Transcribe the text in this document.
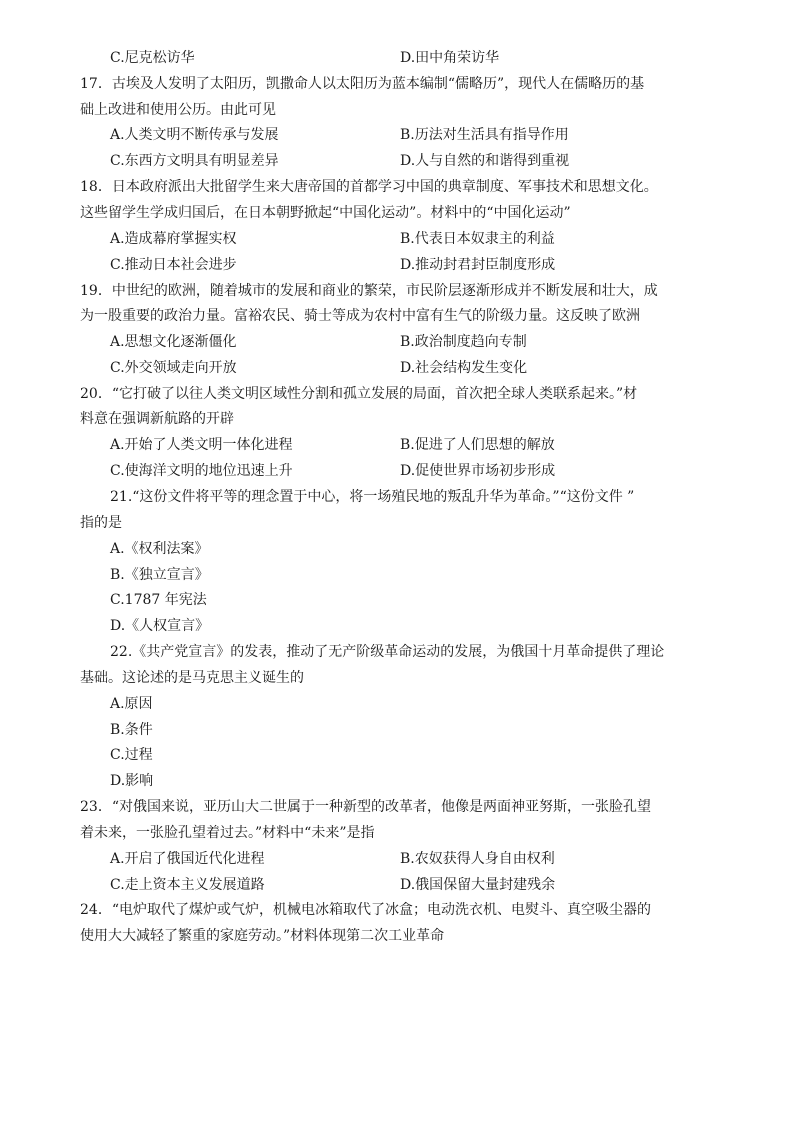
C.尼克松访华	D.田中角荣访华
17．古埃及人发明了太阳历，凯撒命人以太阳历为蓝本编制“儒略历”，现代人在儒略历的基
础上改进和使用公历。由此可见
A.人类文明不断传承与发展	B.历法对生活具有指导作用
C.东西方文明具有明显差异	D.人与自然的和谐得到重视
18．日本政府派出大批留学生来大唐帝国的首都学习中国的典章制度、军事技术和思想文化。
这些留学生学成归国后，在日本朝野掀起“中国化运动”。材料中的“中国化运动”
A.造成幕府掌握实权	B.代表日本奴隶主的利益
C.推动日本社会进步	D.推动封君封臣制度形成
19．中世纪的欧洲，随着城市的发展和商业的繁荣，市民阶层逐渐形成并不断发展和壮大，成
为一股重要的政治力量。富裕农民、骑士等成为农村中富有生气的阶级力量。这反映了欧洲
A.思想文化逐渐僵化	B.政治制度趋向专制
C.外交领域走向开放	D.社会结构发生变化
20．“它打破了以往人类文明区域性分割和孤立发展的局面，首次把全球人类联系起来。”材
料意在强调新航路的开辟
A.开始了人类文明一体化进程	B.促进了人们思想的解放
C.使海洋文明的地位迅速上升	D.促使世界市场初步形成
21.“这份文件将平等的理念置于中心，将一场殖民地的叛乱升华为革命。”“这份文件 ”
指的是
A.《权利法案》
B.《独立宣言》
C.1787 年宪法
D.《人权宣言》
22.《共产党宣言》的发表，推动了无产阶级革命运动的发展，为俄国十月革命提供了理论
基础。这论述的是马克思主义诞生的
A.原因
B.条件
C.过程
D.影响
23．“对俄国来说，亚历山大二世属于一种新型的改革者，他像是两面神亚努斯，一张脸孔望
着未来，一张脸孔望着过去。”材料中“未来”是指
A.开启了俄国近代化进程	B.农奴获得人身自由权利
C.走上资本主义发展道路	D.俄国保留大量封建残余
24．“电炉取代了煤炉或气炉，机械电冰箱取代了冰盒；电动洗衣机、电熨斗、真空吸尘器的
使用大大减轻了繁重的家庭劳动。”材料体现第二次工业革命
